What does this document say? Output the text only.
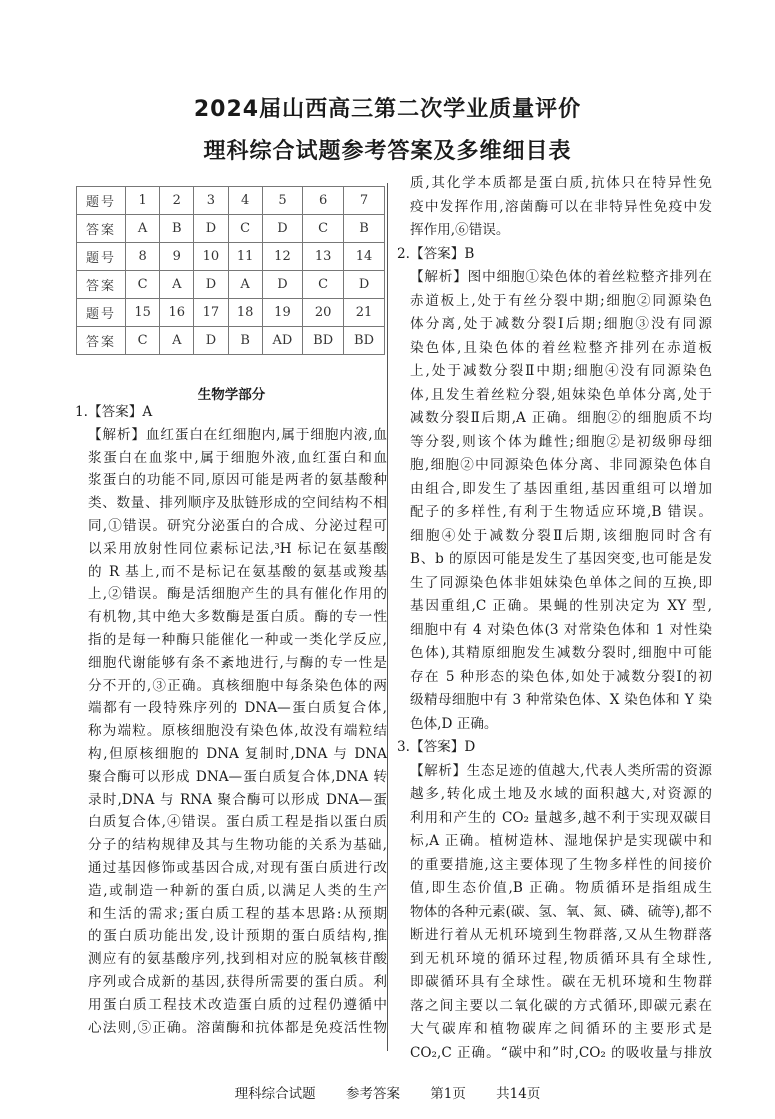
2024届山西高三第二次学业质量评价
理科综合试题参考答案及多维细目表
题号	1	2	3	4	5	6	7
答案	A	B	D	C	D	C	B
题号	8	9	10	11	12	13	14
答案	C	A	D	A	D	C	D
题号	15	16	17	18	19	20	21
答案	C	A	D	B	AD	BD	BD
生物学部分
1.【答案】A
【解析】血红蛋白在红细胞内,属于细胞内液,血
浆蛋白在血浆中,属于细胞外液,血红蛋白和血
浆蛋白的功能不同,原因可能是两者的氨基酸种
类、数量、排列顺序及肽链形成的空间结构不相
同,①错误。研究分泌蛋白的合成、分泌过程可
以采用放射性同位素标记法,³H 标记在氨基酸
的 R 基上,而不是标记在氨基酸的氨基或羧基
上,②错误。酶是活细胞产生的具有催化作用的
有机物,其中绝大多数酶是蛋白质。酶的专一性
指的是每一种酶只能催化一种或一类化学反应,
细胞代谢能够有条不紊地进行,与酶的专一性是
分不开的,③正确。真核细胞中每条染色体的两
端都有一段特殊序列的 DNA—蛋白质复合体,
称为端粒。原核细胞没有染色体,故没有端粒结
构,但原核细胞的 DNA 复制时,DNA 与 DNA
聚合酶可以形成 DNA—蛋白质复合体,DNA 转
录时,DNA 与 RNA 聚合酶可以形成 DNA—蛋
白质复合体,④错误。蛋白质工程是指以蛋白质
分子的结构规律及其与生物功能的关系为基础,
通过基因修饰或基因合成,对现有蛋白质进行改
造,或制造一种新的蛋白质,以满足人类的生产
和生活的需求;蛋白质工程的基本思路:从预期
的蛋白质功能出发,设计预期的蛋白质结构,推
测应有的氨基酸序列,找到相对应的脱氧核苷酸
序列或合成新的基因,获得所需要的蛋白质。利
用蛋白质工程技术改造蛋白质的过程仍遵循中
心法则,⑤正确。溶菌酶和抗体都是免疫活性物
质,其化学本质都是蛋白质,抗体只在特异性免
疫中发挥作用,溶菌酶可以在非特异性免疫中发
挥作用,⑥错误。
2.【答案】B
【解析】图中细胞①染色体的着丝粒整齐排列在
赤道板上,处于有丝分裂中期;细胞②同源染色
体分离,处于减数分裂Ⅰ后期;细胞③没有同源
染色体,且染色体的着丝粒整齐排列在赤道板
上,处于减数分裂Ⅱ中期;细胞④没有同源染色
体,且发生着丝粒分裂,姐妹染色单体分离,处于
减数分裂Ⅱ后期,A 正确。细胞②的细胞质不均
等分裂,则该个体为雌性;细胞②是初级卵母细
胞,细胞②中同源染色体分离、非同源染色体自
由组合,即发生了基因重组,基因重组可以增加
配子的多样性,有利于生物适应环境,B 错误。
细胞④处于减数分裂Ⅱ后期,该细胞同时含有
B、b 的原因可能是发生了基因突变,也可能是发
生了同源染色体非姐妹染色单体之间的互换,即
基因重组,C 正确。果蝇的性别决定为 XY 型,
细胞中有 4 对染色体(3 对常染色体和 1 对性染
色体),其精原细胞发生减数分裂时,细胞中可能
存在 5 种形态的染色体,如处于减数分裂Ⅰ的初
级精母细胞中有 3 种常染色体、X 染色体和 Y 染
色体,D 正确。
3.【答案】D
【解析】生态足迹的值越大,代表人类所需的资源
越多,转化成土地及水域的面积越大,对资源的
利用和产生的 CO₂ 量越多,越不利于实现双碳目
标,A 正确。植树造林、湿地保护是实现碳中和
的重要措施,这主要体现了生物多样性的间接价
值,即生态价值,B 正确。物质循环是指组成生
物体的各种元素(碳、氢、氧、氮、磷、硫等),都不
断进行着从无机环境到生物群落,又从生物群落
到无机环境的循环过程,物质循环具有全球性,
即碳循环具有全球性。碳在无机环境和生物群
落之间主要以二氧化碳的方式循环,即碳元素在
大气碳库和植物碳库之间循环的主要形式是
CO₂,C 正确。“碳中和”时,CO₂ 的吸收量与排放
理科综合试题 参考答案 第1页 共14页
